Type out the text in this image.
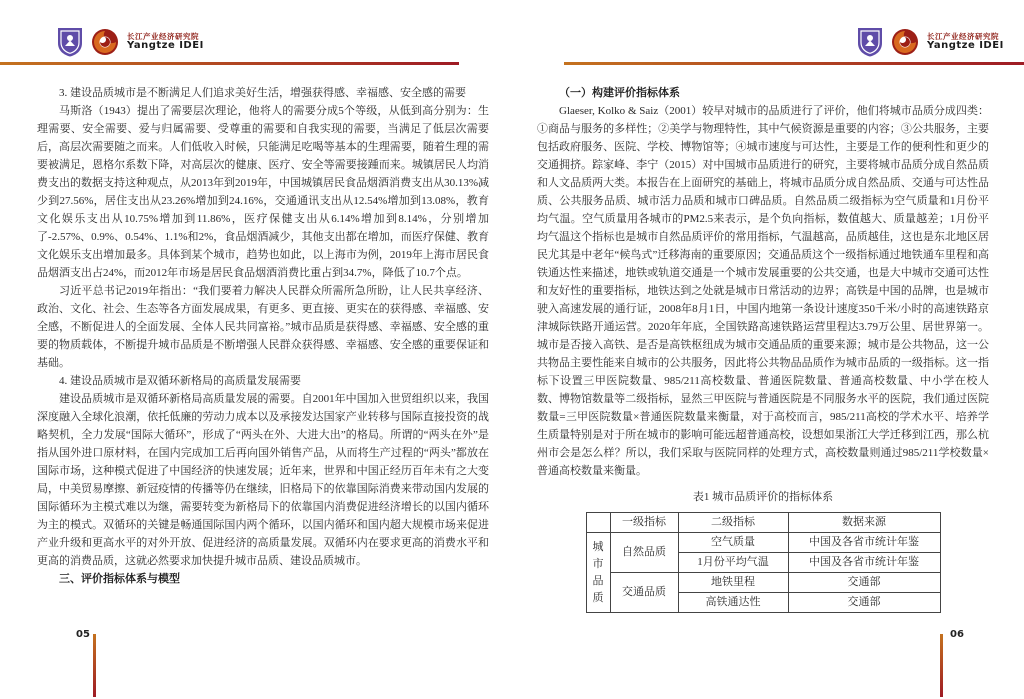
长江产业经济研究院
Yangtze IDEI
长江产业经济研究院
Yangtze IDEI

3. 建设品质城市是不断满足人们追求美好生活，增强获得感、幸福感、安全感的需要

马斯洛（1943）提出了需要层次理论，他将人的需要分成5个等级，从低到高分别为：生理需要、安全需要、爱与归属需要、受尊重的需要和自我实现的需要，当满足了低层次需要后，高层次需要随之而来。人们低收入时候，只能满足吃喝等基本的生理需要，随着生理的需要被满足，恩格尔系数下降，对高层次的健康、医疗、安全等需要接踵而来。城镇居民人均消费支出的数据支持这种观点，从2013年到2019年，中国城镇居民食品烟酒消费支出从30.13%减少到27.56%，居住支出从23.26%增加到24.16%，交通通讯支出从12.54%增加到13.08%，教育文化娱乐支出从10.75%增加到11.86%，医疗保健支出从6.14%增加到8.14%，分别增加了-2.57%、0.9%、0.54%、1.1%和2%，食品烟酒减少，其他支出都在增加，而医疗保健、教育文化娱乐支出增加最多。具体到某个城市，趋势也如此，以上海市为例，2019年上海市居民食品烟酒支出占24%，而2012年市场是居民食品烟酒消费比重占到34.7%，降低了10.7个点。

习近平总书记2019年指出：“我们要着力解决人民群众所需所急所盼，让人民共享经济、政治、文化、社会、生态等各方面发展成果，有更多、更直接、更实在的获得感、幸福感、安全感，不断促进人的全面发展、全体人民共同富裕。”城市品质是获得感、幸福感、安全感的重要的物质载体，不断提升城市品质是不断增强人民群众获得感、幸福感、安全感的重要保证和基础。

4. 建设品质城市是双循环新格局的高质量发展需要

建设品质城市是双循环新格局高质量发展的需要。自2001年中国加入世贸组织以来，我国深度融入全球化浪潮，依托低廉的劳动力成本以及承接发达国家产业转移与国际直接投资的战略契机，全力发展“国际大循环”，形成了“两头在外、大进大出”的格局。所谓的“两头在外”是指从国外进口原材料，在国内完成加工后再向国外销售产品，从而将生产过程的“两头”都放在国际市场，这种模式促进了中国经济的快速发展；近年来，世界和中国正经历百年未有之大变局，中美贸易摩擦、新冠疫情的传播等仍在继续，旧格局下的依靠国际消费来带动国内发展的国际循环为主模式难以为继，需要转变为新格局下的依靠国内消费促进经济增长的以国内循环为主的模式。双循环的关键是畅通国际国内两个循环，以国内循环和国内超大规模市场来促进产业升级和更高水平的对外开放、促进经济的高质量发展。双循环内在要求更高的消费水平和更高的消费品质，这就必然要求加快提升城市品质、建设品质城市。

三、评价指标体系与模型

（一）构建评价指标体系

Glaeser, Kolko & Saiz（2001）较早对城市的品质进行了评价，他们将城市品质分成四类：①商品与服务的多样性；②美学与物理特性，其中气候资源是重要的内容；③公共服务，主要包括政府服务、医院、学校、博物馆等；④城市速度与可达性，主要是工作的便利性和更少的交通拥挤。踪家峰、李宁（2015）对中国城市品质进行的研究，主要将城市品质分成自然品质和人文品质两大类。本报告在上面研究的基础上，将城市品质分成自然品质、交通与可达性品质、公共服务品质、城市活力品质和城市口碑品质。自然品质二级指标为空气质量和1月份平均气温。空气质量用各城市的PM2.5来表示，是个负向指标，数值越大、质量越差；1月份平均气温这个指标也是城市自然品质评价的常用指标，气温越高，品质越佳，这也是东北地区居民尤其是中老年“候鸟式”迁移海南的重要原因；交通品质这个一级指标通过地铁通车里程和高铁通达性来描述，地铁或轨道交通是一个城市发展重要的公共交通，也是大中城市交通可达性和友好性的重要指标，地铁达到之处就是城市日常活动的边界；高铁是中国的品牌，也是城市驶入高速发展的通行证，2008年8月1日，中国内地第一条设计速度350千米/小时的高速铁路京津城际铁路开通运营。2020年年底，全国铁路高速铁路运营里程达3.79万公里、居世界第一。城市是否接入高铁、是否是高铁枢纽成为城市交通品质的重要来源；城市是公共物品，这一公共物品主要性能来自城市的公共服务，因此将公共物品品质作为城市品质的一级指标。这一指标下设置三甲医院数量、985/211高校数量、普通医院数量、普通高校数量、中小学在校人数、博物馆数量等二级指标，显然三甲医院与普通医院是不同服务水平的医院，我们通过医院数量=三甲医院数量×普通医院数量来衡量，对于高校而言，985/211高校的学术水平、培养学生质量特别是对于所在城市的影响可能远超普通高校，设想如果浙江大学迁移到江西，那么杭州市会是怎么样？所以，我们采取与医院同样的处理方式，高校数量则通过985/211学校数量×普通高校数量来衡量。

表1 城市品质评价的指标体系

	一级指标	二级指标	数据来源

城市品质	自然品质	空气质量	中国及各省市统计年鉴
		1月份平均气温	中国及各省市统计年鉴
	交通品质	地铁里程	交通部
		高铁通达性	交通部
05	06
